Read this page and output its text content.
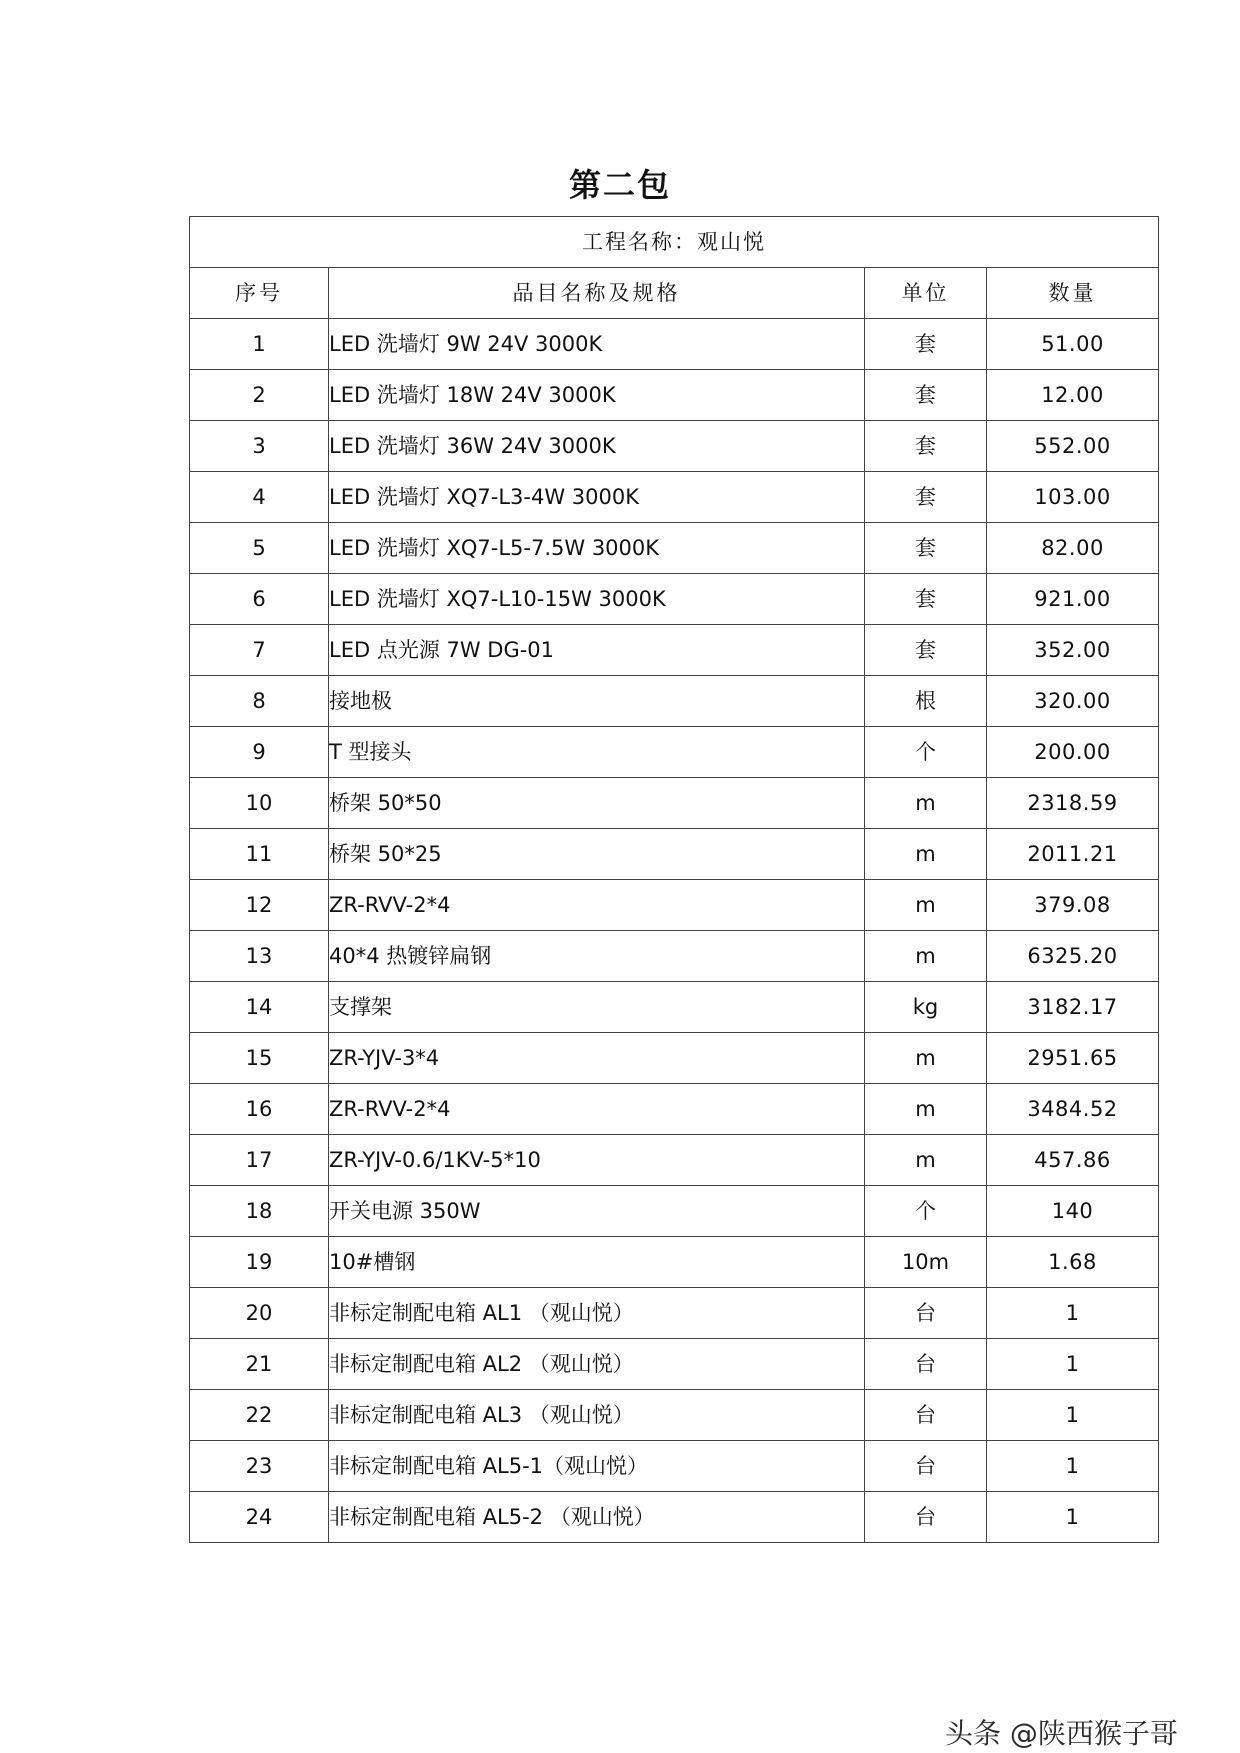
第二包
工程名称：观山悦			
序号	品目名称及规格	单位	数量
1	LED 洗墙灯 9W 24V 3000K	套	51.00
2	LED 洗墙灯 18W 24V 3000K	套	12.00
3	LED 洗墙灯 36W 24V 3000K	套	552.00
4	LED 洗墙灯 XQ7-L3-4W 3000K	套	103.00
5	LED 洗墙灯 XQ7-L5-7.5W 3000K	套	82.00
6	LED 洗墙灯 XQ7-L10-15W 3000K	套	921.00
7	LED 点光源 7W DG-01	套	352.00
8	接地极	根	320.00
9	T 型接头	个	200.00
10	桥架 50*50	m	2318.59
11	桥架 50*25	m	2011.21
12	ZR-RVV-2*4	m	379.08
13	40*4 热镀锌扁钢	m	6325.20
14	支撑架	kg	3182.17
15	ZR-YJV-3*4	m	2951.65
16	ZR-RVV-2*4	m	3484.52
17	ZR-YJV-0.6/1KV-5*10	m	457.86
18	开关电源 350W	个	140
19	10#槽钢	10m	1.68
20	非标定制配电箱 AL1 （观山悦）	台	1
21	非标定制配电箱 AL2 （观山悦）	台	1
22	非标定制配电箱 AL3 （观山悦）	台	1
23	非标定制配电箱 AL5-1（观山悦）	台	1
24	非标定制配电箱 AL5-2 （观山悦）	台	1
头条 @陕西猴子哥
